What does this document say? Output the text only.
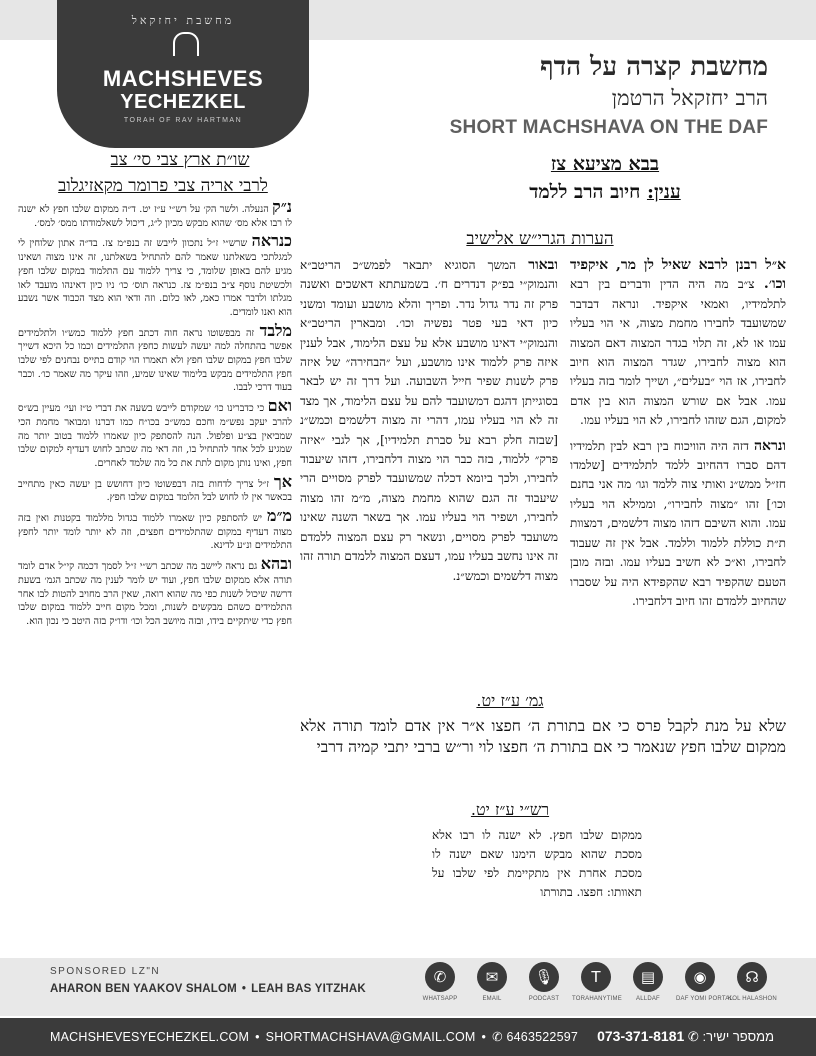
מחשבת יחזקאל
MACHSHEVES
YECHEZKEL
TORAH OF RAV HARTMAN
מחשבת קצרה על הדף
הרב יחזקאל הרטמן
SHORT MACHSHAVA ON THE DAF
בבא מציעא צז
ענין: חיוב הרב ללמד
הערות הגרי״ש אלישיב

א״ל רבנן לרבא שאיל לן מר, איקפיד וכו׳. צ״ב מה היה הדין ודברים בין רבא לתלמידיו, ואמאי איקפיד. ונראה דבדבר שמשועבד לחבירו מחמת מצוה, אי הוי בעליו עמו או לא, זה תלוי בגדר המצוה דאם המצוה הוא מצוה לחבירו, שגדר המצוה הוא חיוב לחבירו, אז הוי ״בעלים״, ושייך לומר בזה בעליו עמו. אבל אם שורש המצוה הוא בין אדם למקום, הגם שזהו לחבירו, לא הוי בעליו עמו.

ונראה דזה היה הוויכוח בין רבא לבין תלמידיו דהם סברו דהחיוב ללמד לתלמידים [שלמדו חז״ל ממש״נ ואותי צוה ללמד וגו׳ מה אני בחנם וכו׳] זהו ״מצוה לחבירו״, וממילא הוי בעליו עמו. והוא השיבם דזהו מצוה דלשמים, דמצוות ת״ת כוללת ללמוד וללמד. אבל אין זה שעבוד לחבירו, וא״כ לא חשיב בעליו עמו. ובזה מובן הטעם שהקפיד רבא שהקפידא היה על שסברו שהחיוב ללמדם זהו חיוב דלחבירו.

ובאור המשך הסוגיא יתבאר לפמש״כ הריטב״א והנמוק״י בפ״ק דנדרים ח׳. בשמעתתא דאשכים ואשנה פרק זה נדר גדול נדר. ופריך והלא מושבע ועומד ומשני כיון דאי בעי פטר נפשיה וכו׳. ומבארין הריטב״א והנמוק״י דאינו מושבע אלא על עצם הלימוד, אבל לענין איזה פרק ללמוד אינו מושבע, ועל ״הבחירה״ של איזה פרק לשנות שפיר חייל השבועה. ועל דרך זה יש לבאר בסוגייתן דהגם דמשועבד להם על עצם הלימוד, אך מצד זה לא הוי בעליו עמו, דהרי זה מצוה דלשמים וכמש״נ [שבזה חלק רבא על סברת תלמידיו], אך לגבי ״איזה פרק״ ללמוד, בזה כבר הוי מצוה דלחבירו, דזהו שיעבוד לחבירו, ולכך ביומא דכלה שמשועבד לפרק מסויים הרי שיעבוד זה הגם שהוא מחמת מצוה, מ״מ זהו מצוה לחבירו, ושפיר הוי בעליו עמו. אך בשאר השנה שאינו משועבד לפרק מסויים, ונשאר רק עצם המצוה ללמדם זה אינו נחשב בעליו עמו, דעצם המצוה ללמדם תורה זהו מצוה דלשמים וכמש״נ.

גמ׳ ע״ז יט.
שלא על מנת לקבל פרס כי אם בתורת ה׳ חפצו א״ר אין אדם לומד תורה אלא ממקום שלבו חפץ שנאמר כי אם בתורת ה׳ חפצו לוי ור״ש ברבי יתבי קמיה דרבי
רש״י ע״ז יט.
ממקום שלבו חפץ. לא ישנה לו רבו אלא מסכת שהוא מבקש הימנו שאם ישנה לו מסכת אחרת אין מתקיימת לפי שלבו על תאוותו: חפצו. בתורתו
שו״ת ארץ צבי סי׳ צב
לרבי אריה צבי פרומר מקאזיגלוב

נ״ק הנעלה. ולשר הק׳ על רש״י ע״ז יט. ד״ה ממקום שלבו חפץ לא ישנה לו רבו אלא מס׳ שהוא מבקש מכיון ל״ג, דיכול לשאלמודתו ממס׳ למס׳.

כנראה שרש״י ז״ל נתכוון לייבש זה בנפ״מ צז. בד״ה אתון שלוחין לי למגלתכי בשאלתנו שאמר להם להתחיל בשאלתנו, זה אינו מצוה ושאינו מגיע להם באופן שלומד, כי צריך ללמוד עם התלמוד במקום שלבו חפץ ולכשיטת נוסף צ״ב בנפ״מ צז. כנראה תוס׳ כו׳ ניו כיון דאינהו מועבד לאו מגלתו ולדבר אמרו כאמ, לאו כלום. וזה ודאי הוא מצד הכבוד אשר נשבע הוא ואנו לומדים.

מלבד זה מבפשוטו נראה חוה דכתב חפץ ללמוד כמש״ו ולתלמידים אפשר בהתחלה למה יעשה לעשות כחפץ התלמידים וכמו כל היכא דשייך שלבו חפץ במקום שלבו חפץ ולא תאמרו הוי קודם בתייס נבחנים לפי שלבו חפץ התלמידים מבקש בלימוד שאינו שמיע, וזהו עיקר מה שאמר כו׳. וכבר בעוד דרכי לבבו.

ואם כי כדברינו כו׳ שמקודם לייבש בשעה את דברי ט״ז ועי׳ מעיין בש״ס להרב יעקב נפש״מ וחכם כמש״כ בכו״ח כמו דברנו ומבואר מחמת הכי שמביאין בצ״ע ופלפול. הנה להסתפק כיון שאמרו ללמוד בטוב יותר מה שמגיע לכל אחד להתחיל בו, וזה דאי מה שכתב לחוש דעדיף למקום שלבו חפץ, ואינו נותן מקום לתת את כל מה שלמד לאחרים.

אך ז״ל צריך לדחות בזה דבפשוטו כיון דחושש בן יעשה כאין מתחייב בכאשר אין לו לחוש לבל הלומד במקום שלבו חפץ.

מ״מ יש להסתפק כיון שאמרו ללמוד בגדול מללמוד בקטנות ואין בזה מצוה דעדיף במקום שהתלמידים חפצים, וזה לא יותר לומד יותר לחפץ התלמידים ונ״ע לדינא.

ובהא גם נראה ליישב מה שכתב רש״י ז״ל לסמך דכמה קי״ל אדם לומד תורה אלא ממקום שלבו חפץ, ועוד יש לומר לענין מה שכתב הגמ׳ בשעת דרשה שיכול לשנות כפי מה שהוא רואה, שאין הרב מחויב להטות לבו אחר התלמידים כשהם מבקשים לשנות, ומכל מקום חייב ללמוד במקום שלבו חפץ כדי שיתקיים בידו, ובזה מיושב הכל וכו׳ ודו״ק בזה היטב כי נכון הוא.

SPONSORED LZ"N
AHARON BEN YAAKOV SHALOM • LEAH BAS YITZHAK
✆
WHATSAPP
✉
EMAIL
🎙
PODCAST
T
TORAHANYTIME
▤
ALLDAF
◉
DAF YOMI PORTAL
☊
KOL HALASHON
MACHSHEVESYECHEZKEL.COM • SHORTMACHSHAVA@GMAIL.COM • ✆ 6463522597	ממספר ישיר: ✆ 073-371-8181
